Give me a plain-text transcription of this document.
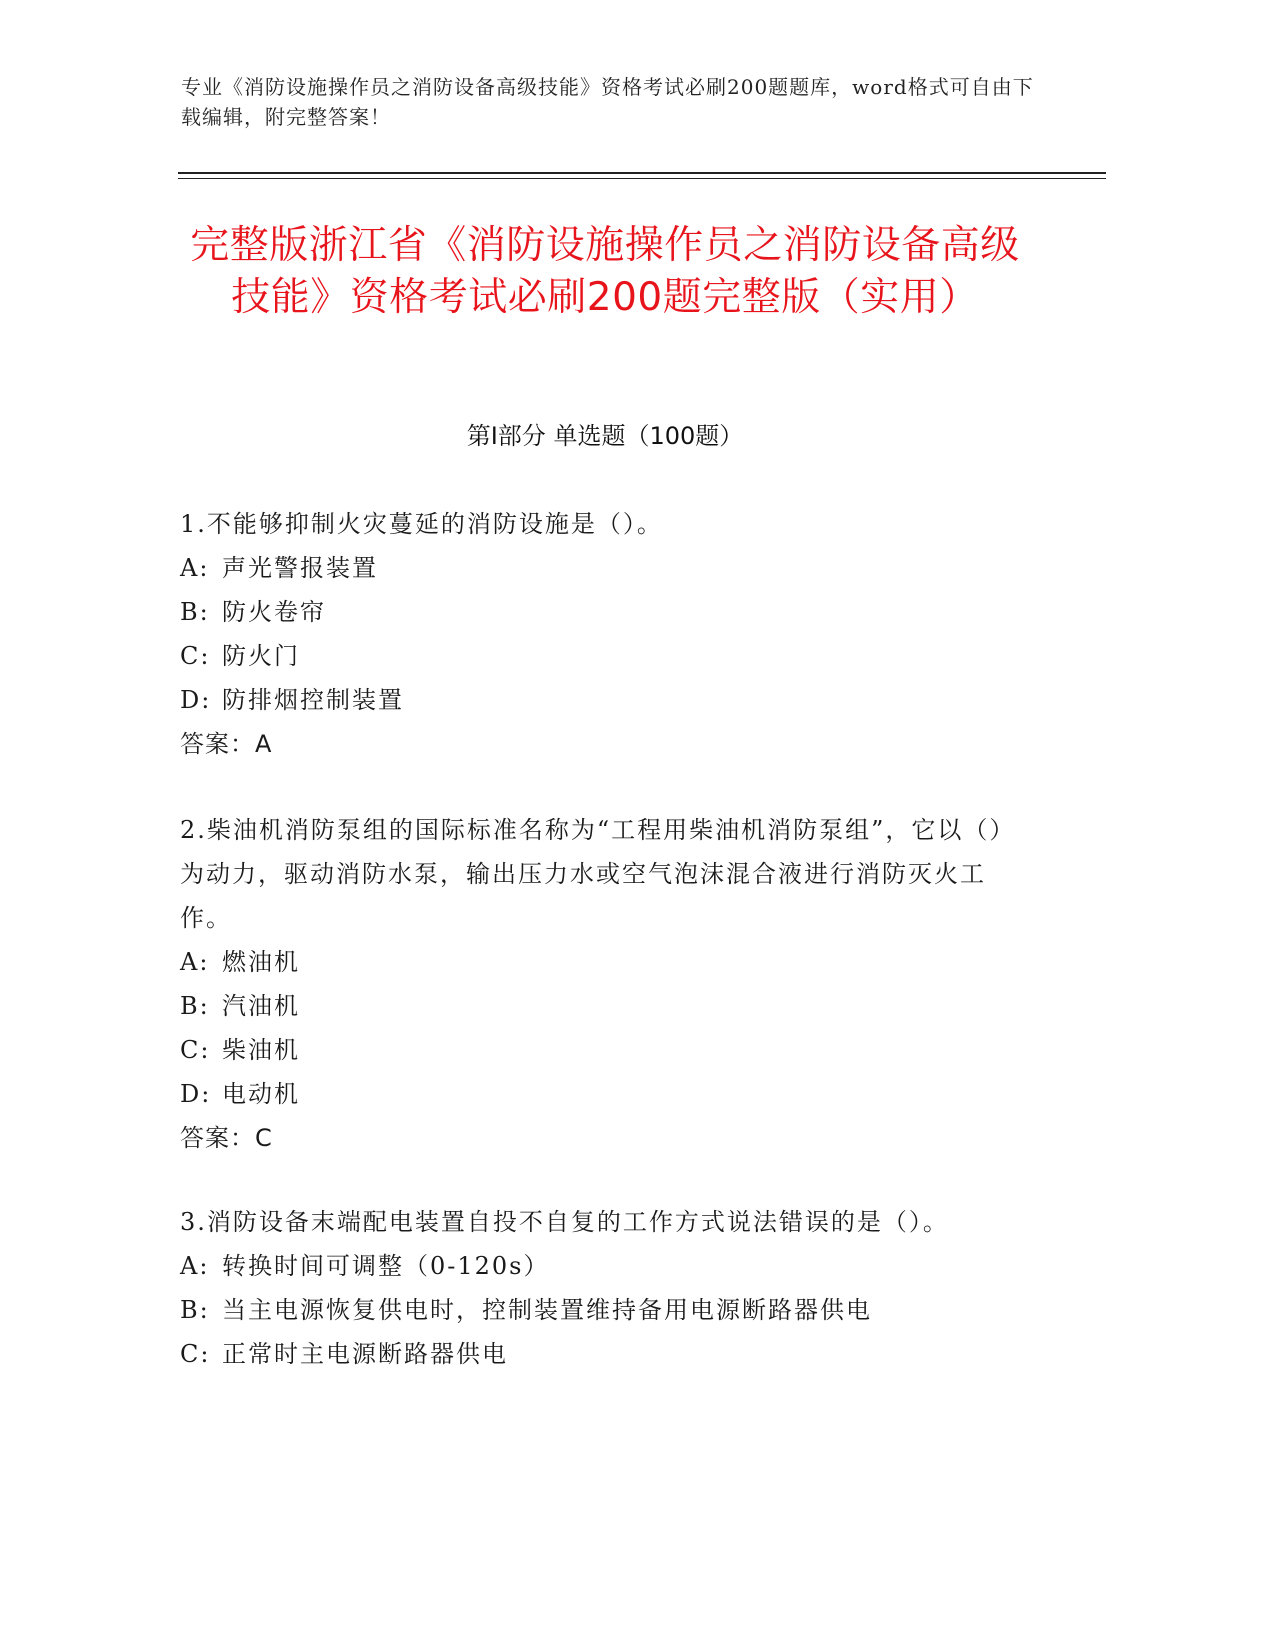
专业《消防设施操作员之消防设备高级技能》资格考试必刷200题题库，word格式可自由下载编辑，附完整答案！
完整版浙江省《消防设施操作员之消防设备高级技能》资格考试必刷200题完整版（实用）
第Ⅰ部分 单选题（100题）
1.不能够抑制火灾蔓延的消防设施是（）。
A: 声光警报装置
B: 防火卷帘
C: 防火门
D: 防排烟控制装置
答案：A
2.柴油机消防泵组的国际标准名称为“工程用柴油机消防泵组”，它以（）为动力，驱动消防水泵，输出压力水或空气泡沫混合液进行消防灭火工作。
A: 燃油机
B: 汽油机
C: 柴油机
D: 电动机
答案：C
3.消防设备末端配电装置自投不自复的工作方式说法错误的是（）。
A: 转换时间可调整（0-120s）
B: 当主电源恢复供电时，控制装置维持备用电源断路器供电
C: 正常时主电源断路器供电
